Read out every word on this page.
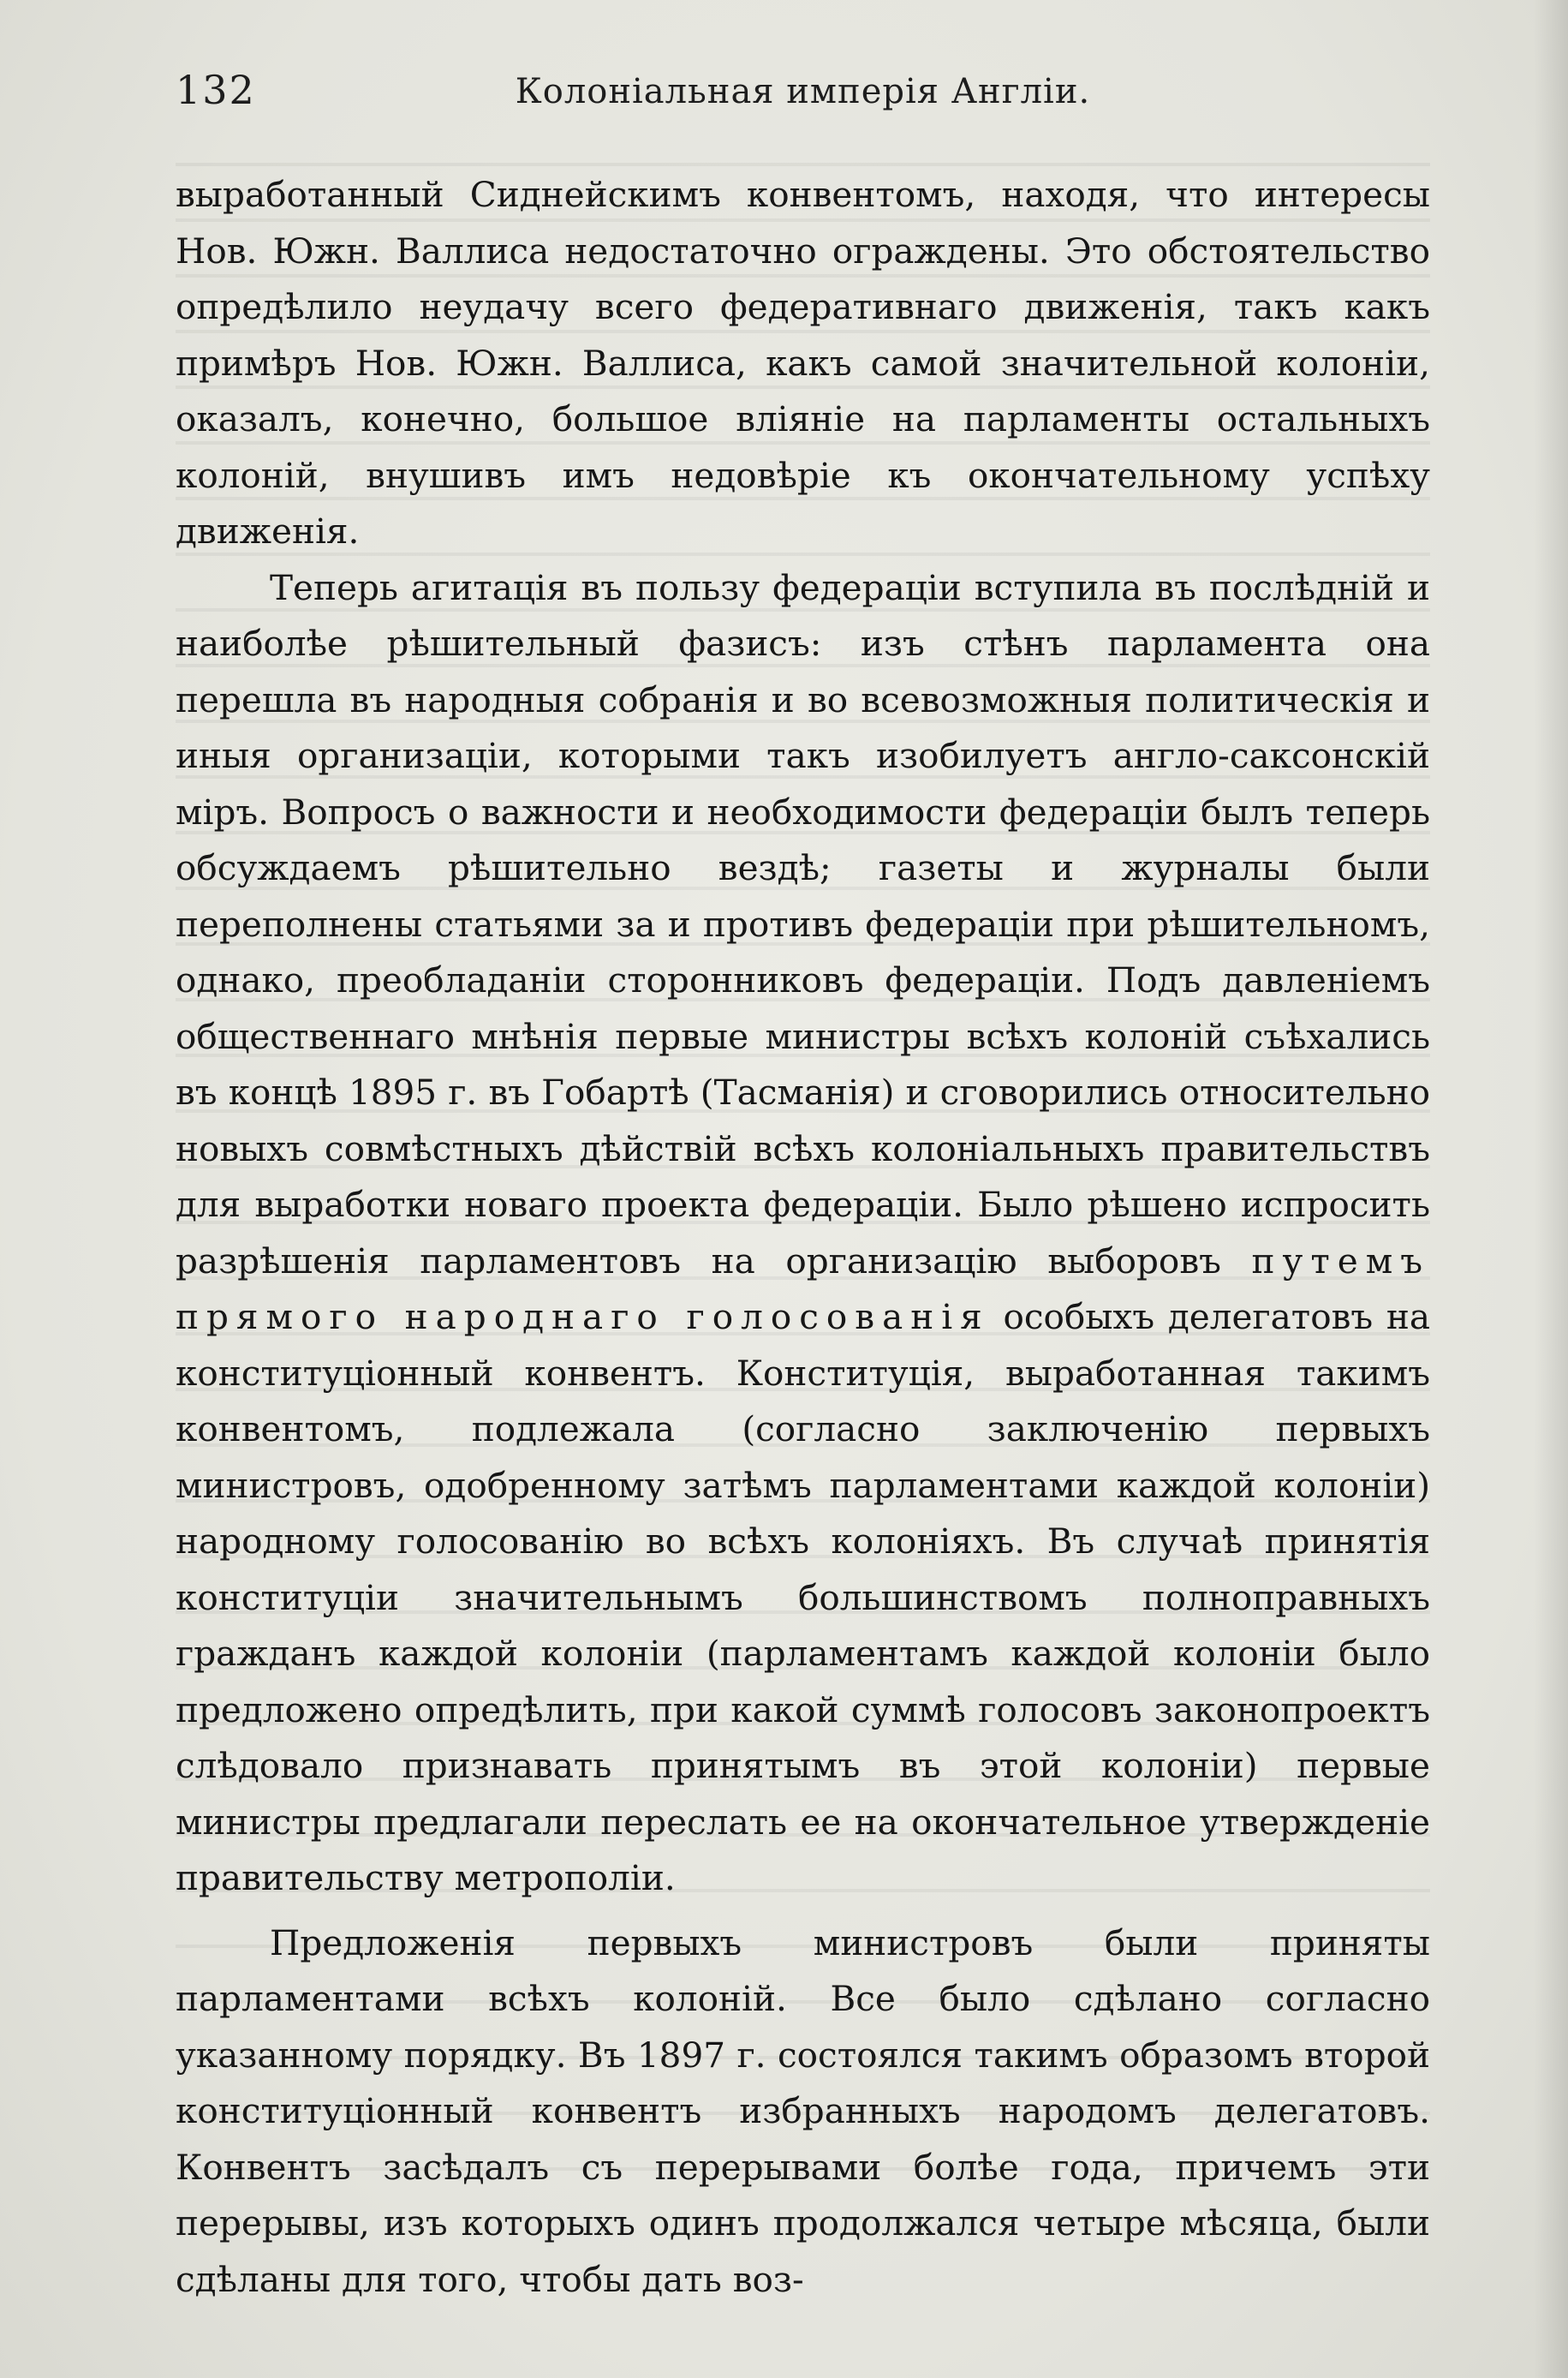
132	Колоніальная имперія Англіи.

выработанный Сиднейскимъ конвентомъ, находя, что интересы Нов. Южн. Валлиса недостаточно ограждены. Это обстоятельство опредѣлило неудачу всего федеративнаго движенія, такъ какъ примѣръ Нов. Южн. Валлиса, какъ самой значительной колоніи, оказалъ, конечно, большое вліяніе на парламенты остальныхъ колоній, внушивъ имъ недовѣріе къ окончательному успѣху движенія.

Теперь агитація въ пользу федераціи вступила въ послѣдній и наиболѣе рѣшительный фазисъ: изъ стѣнъ парламента она перешла въ народныя собранія и во всевозможныя политическія и иныя организаціи, которыми такъ изобилуетъ англо-саксонскій міръ. Вопросъ о важности и необходимости федераціи былъ теперь обсуждаемъ рѣшительно вездѣ; газеты и журналы были переполнены статьями за и противъ федераціи при рѣшительномъ, однако, преобладаніи сторонниковъ федераціи. Подъ давленіемъ общественнаго мнѣнія первые министры всѣхъ колоній съѣхались въ концѣ 1895 г. въ Гобартѣ (Тасманія) и сговорились относительно новыхъ совмѣстныхъ дѣйствій всѣхъ колоніальныхъ правительствъ для выработки новаго проекта федераціи. Было рѣшено испросить разрѣшенія парламентовъ на организацію выборовъ путемъ прямого народнаго голосованія особыхъ делегатовъ на конституціонный конвентъ. Конституція, выработанная такимъ конвентомъ, подлежала (согласно заключенію первыхъ министровъ, одобренному затѣмъ парламентами каждой колоніи) народному голосованію во всѣхъ колоніяхъ. Въ случаѣ принятія конституціи значительнымъ большинствомъ полноправныхъ гражданъ каждой колоніи (парламентамъ каждой колоніи было предложено опредѣлить, при какой суммѣ голосовъ законопроектъ слѣдовало признавать принятымъ въ этой колоніи) первые министры предлагали переслать ее на окончательное утвержденіе правительству метрополіи.

Предложенія первыхъ министровъ были приняты парламентами всѣхъ колоній. Все было сдѣлано согласно указанному порядку. Въ 1897 г. состоялся такимъ образомъ второй конституціонный конвентъ избранныхъ народомъ делегатовъ. Конвентъ засѣдалъ съ перерывами болѣе года, причемъ эти перерывы, изъ которыхъ одинъ продолжался четыре мѣсяца, были сдѣланы для того, чтобы дать воз-
